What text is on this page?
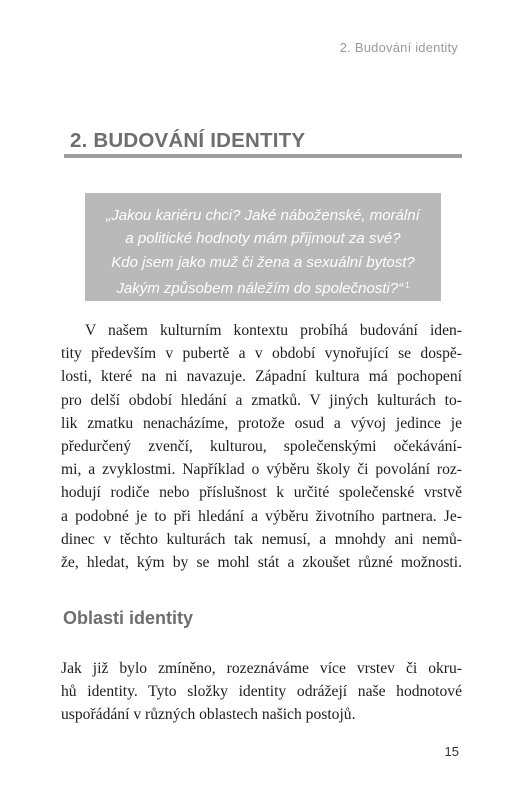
2. Budování identity
2. BUDOVÁNÍ IDENTITY
„Jakou kariéru chci? Jaké náboženské, morální
a politické hodnoty mám přijmout za své?
Kdo jsem jako muž či žena a sexuální bytost?
Jakým způsobem náležím do společnosti?“ $^1$
V našem kulturním kontextu probíhá budování iden-
tity především v pubertě a v období vynořující se dospě-
losti, které na ni navazuje. Západní kultura má pochopení
pro delší období hledání a zmatků. V jiných kulturách to-
lik zmatku nenacházíme, protože osud a vývoj jedince je
předurčený zvenčí, kulturou, společenskými očekávání-
mi, a zvyklostmi. Například o výběru školy či povolání roz-
hodují rodiče nebo příslušnost k určité společenské vrstvě
a podobné je to při hledání a výběru životního partnera. Je-
dinec v těchto kulturách tak nemusí, a mnohdy ani nemů-
že, hledat, kým by se mohl stát a zkoušet různé možnosti.
Oblasti identity
Jak již bylo zmíněno, rozeznáváme více vrstev či okru-
hů identity. Tyto složky identity odrážejí naše hodnotové
uspořádání v různých oblastech našich postojů.
15
